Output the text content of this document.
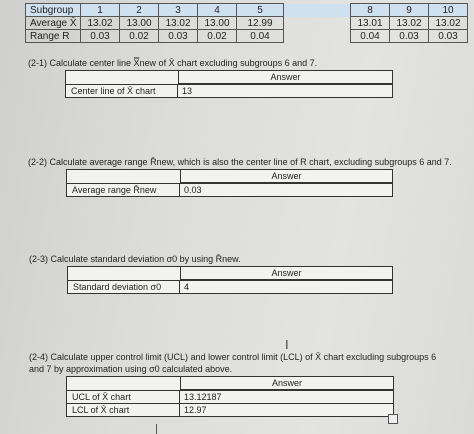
Subgroup	1	2	3	4	5		8	9	10
Average X̄	13.02	13.00	13.02	13.00	12.99		13.01	13.02	13.02
Range R	0.03	0.02	0.03	0.02	0.04		0.04	0.03	0.03
(2-1) Calculate center line X̿new of X̄ chart excluding subgroups 6 and 7.
Answer
Center line of X̄ chart	13
(2-2) Calculate average range R̄new, which is also the center line of R chart, excluding subgroups 6 and 7.
Answer
Average range R̄new	0.03
(2-3) Calculate standard deviation σ0 by using R̄new.
Answer
Standard deviation σ0	4
I
(2-4) Calculate upper control limit (UCL) and lower control limit (LCL) of X̄ chart excluding subgroups 6
and 7 by approximation using σ0 calculated above.
Answer
UCL of X̄ chart	13.12187
LCL of X̄ chart	12.97
